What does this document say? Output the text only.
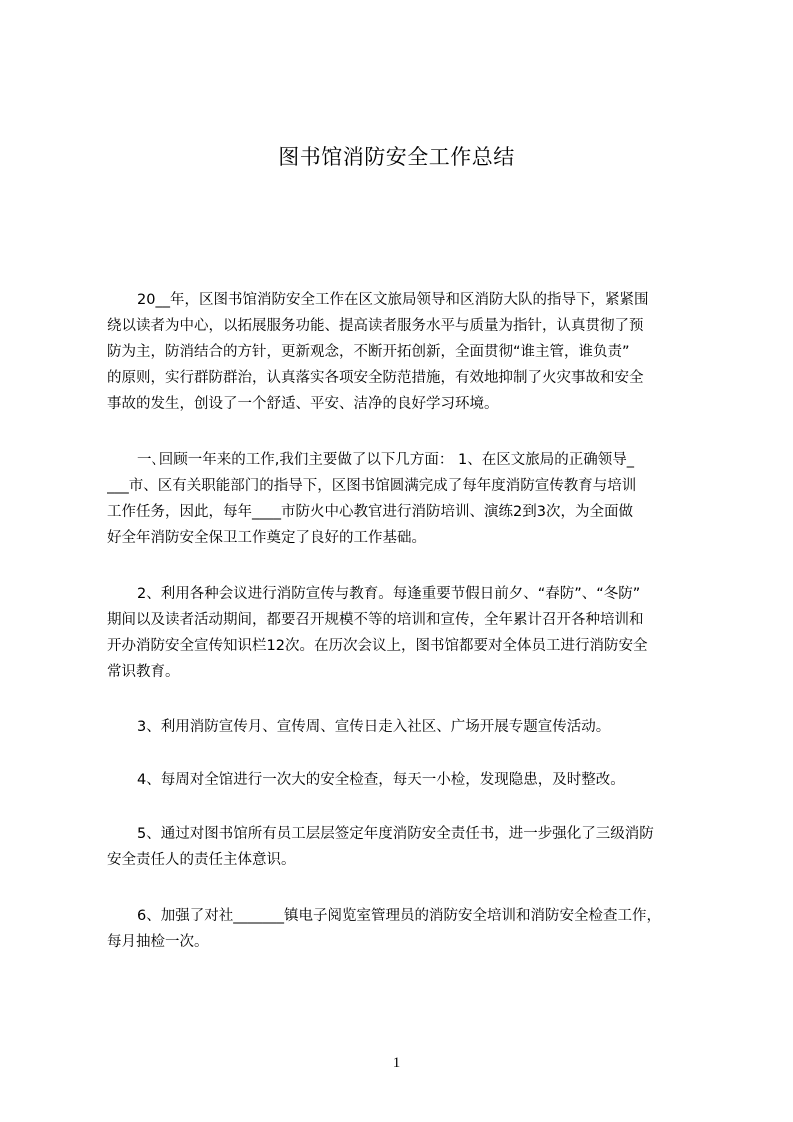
图书馆消防安全工作总结
20__年，区图书馆消防安全工作在区文旅局领导和区消防大队的指导下，紧紧围
绕以读者为中心，以拓展服务功能、提高读者服务水平与质量为指针，认真贯彻了预
防为主，防消结合的方针，更新观念，不断开拓创新，全面贯彻“谁主管，谁负责”
的原则，实行群防群治，认真落实各项安全防范措施，有效地抑制了火灾事故和安全
事故的发生，创设了一个舒适、平安、洁净的良好学习环境。
一､回顾一年来的工作,我们主要做了以下几方面： 1、在区文旅局的正确领导_
___市、区有关职能部门的指导下，区图书馆圆满完成了每年度消防宣传教育与培训
工作任务，因此，每年____市防火中心教官进行消防培训、演练2到3次，为全面做
好全年消防安全保卫工作奠定了良好的工作基础。
2、利用各种会议进行消防宣传与教育。每逢重要节假日前夕、“春防”、“冬防”
期间以及读者活动期间，都要召开规模不等的培训和宣传，全年累计召开各种培训和
开办消防安全宣传知识栏12次。在历次会议上，图书馆都要对全体员工进行消防安全
常识教育。
3、利用消防宣传月、宣传周、宣传日走入社区、广场开展专题宣传活动。
4、每周对全馆进行一次大的安全检查，每天一小检，发现隐患，及时整改。
5、通过对图书馆所有员工层层签定年度消防安全责任书，进一步强化了三级消防
安全责任人的责任主体意识。
6、加强了对社_______镇电子阅览室管理员的消防安全培训和消防安全检查工作，
每月抽检一次。
1
